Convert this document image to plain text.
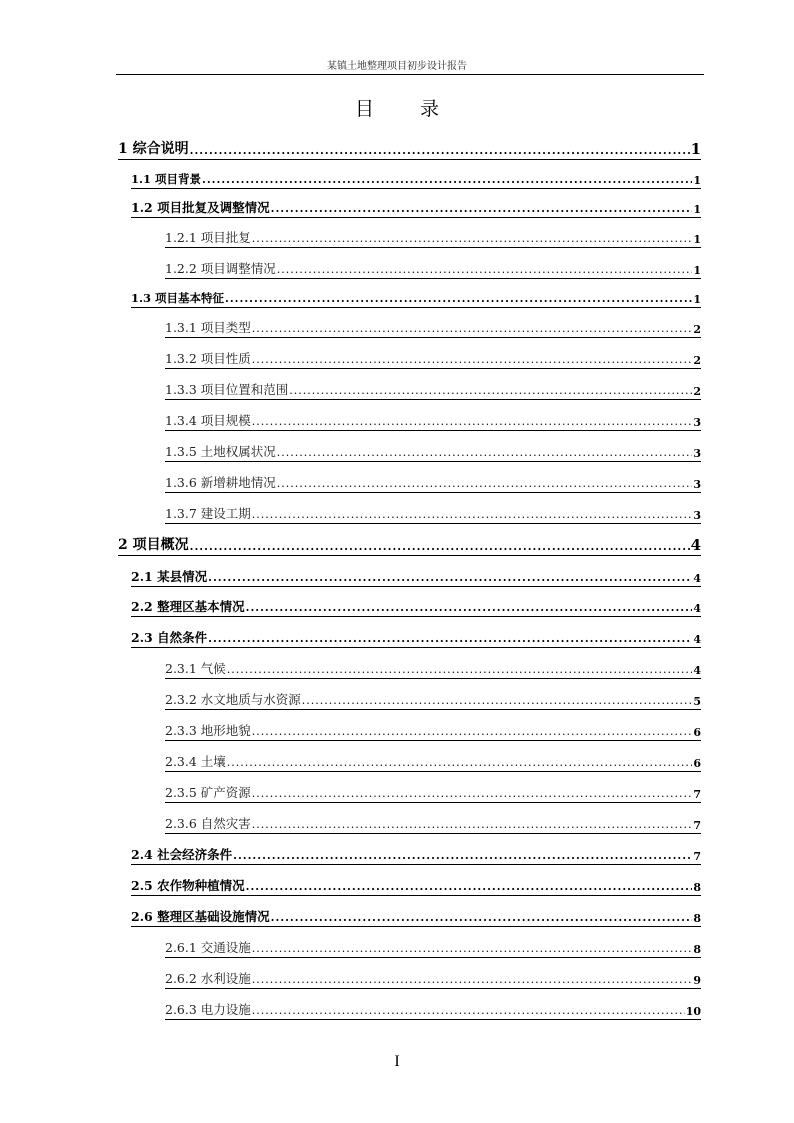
某镇土地整理项目初步设计报告
目录
1 综合说明 .....	1
1.1 项目背景 .....	1
1.2 项目批复及调整情况 .....	1
1.2.1 项目批复 .....	1
1.2.2 项目调整情况 .....	1
1.3 项目基本特征 .....	1
1.3.1 项目类型 .....	2
1.3.2 项目性质 .....	2
1.3.3 项目位置和范围 .....	2
1.3.4 项目规模 .....	3
1.3.5 土地权属状况 .....	3
1.3.6 新增耕地情况 .....	3
1.3.7 建设工期 .....	3
2 项目概况 .....	4
2.1 某县情况 .....	4
2.2 整理区基本情况 .....	4
2.3 自然条件 .....	4
2.3.1 气候 .....	4
2.3.2 水文地质与水资源 .....	5
2.3.3 地形地貌 .....	6
2.3.4 土壤 .....	6
2.3.5 矿产资源 .....	7
2.3.6 自然灾害 .....	7
2.4 社会经济条件 .....	7
2.5 农作物种植情况 .....	8
2.6 整理区基础设施情况 .....	8
2.6.1 交通设施 .....	8
2.6.2 水利设施 .....	9
2.6.3 电力设施 .....	10
I
